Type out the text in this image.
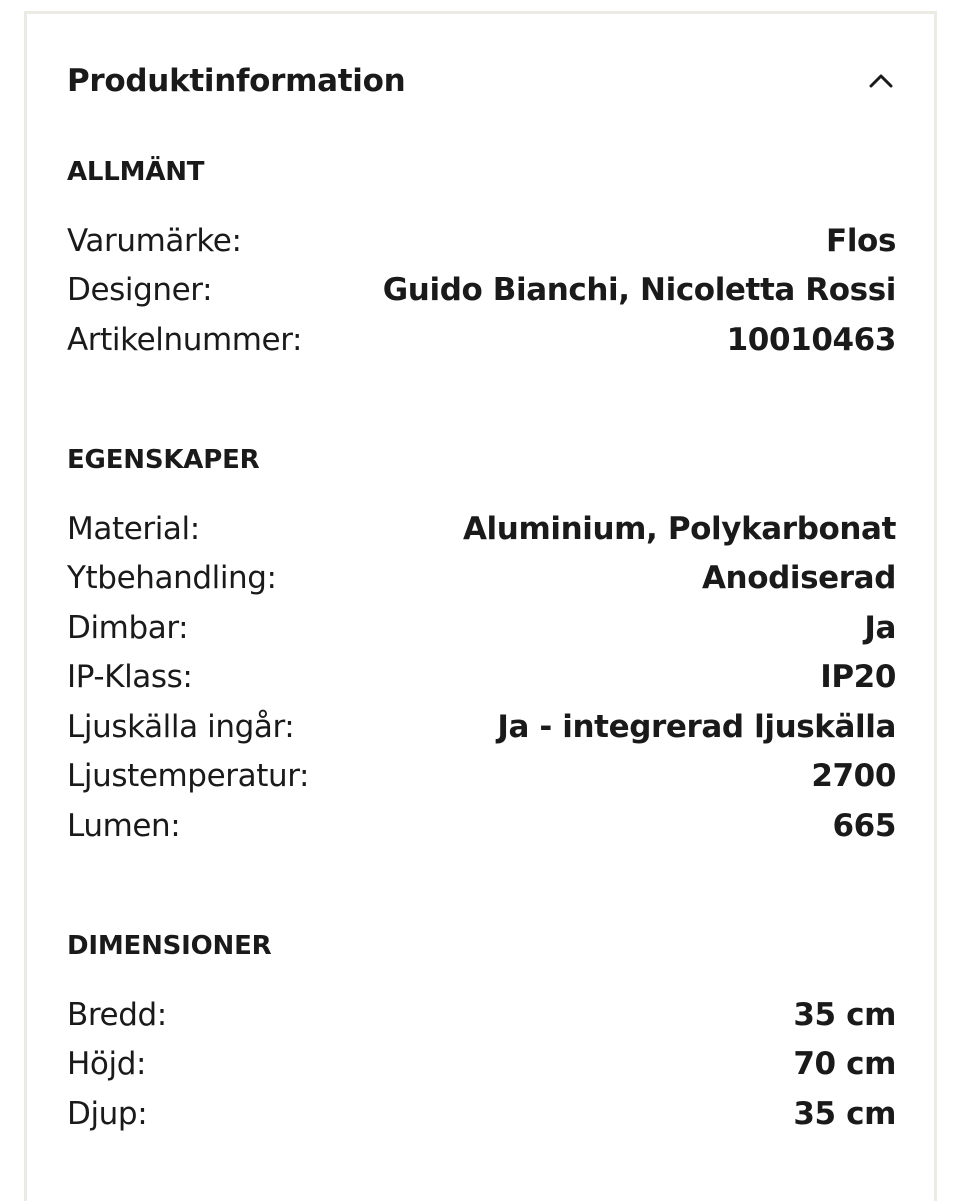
Produktinformation
ALLMÄNT
Varumärke:	Flos
Designer:	Guido Bianchi, Nicoletta Rossi
Artikelnummer:	10010463
EGENSKAPER
Material:	Aluminium, Polykarbonat
Ytbehandling:	Anodiserad
Dimbar:	Ja
IP-Klass:	IP20
Ljuskälla ingår:	Ja - integrerad ljuskälla
Ljustemperatur:	2700
Lumen:	665
DIMENSIONER
Bredd:	35 cm
Höjd:	70 cm
Djup:	35 cm
